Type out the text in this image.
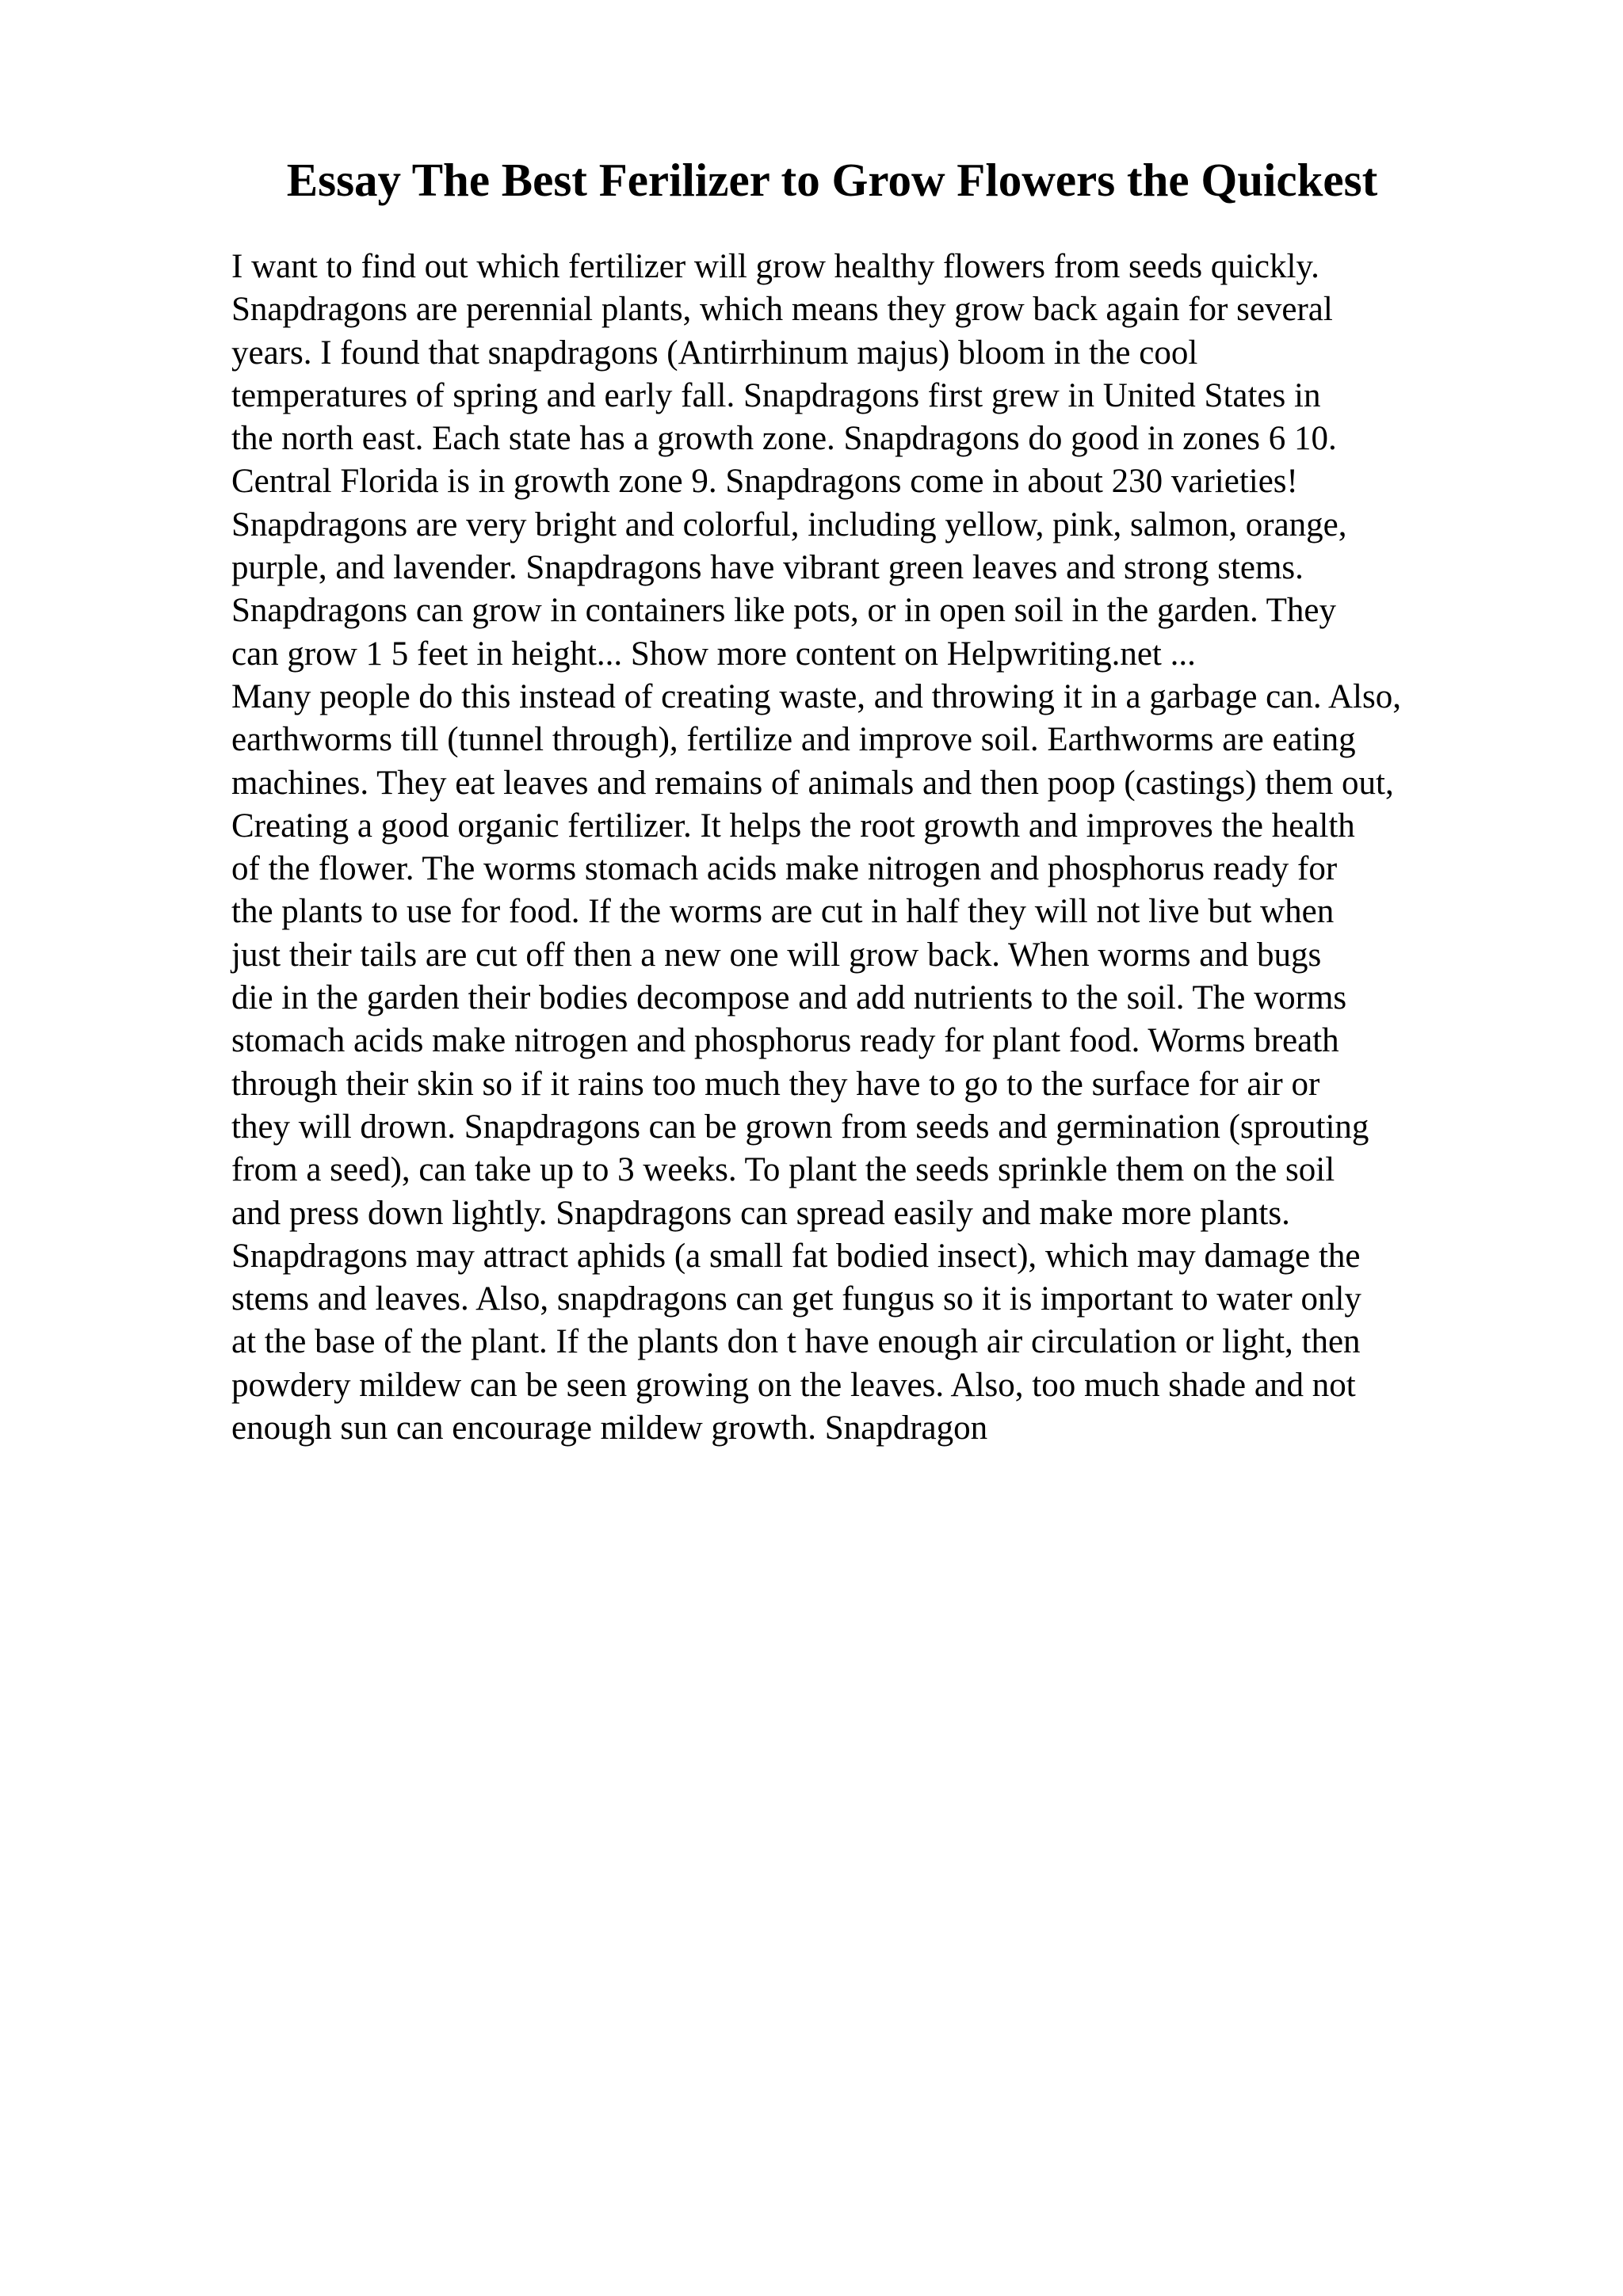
Essay The Best Ferilizer to Grow Flowers the Quickest
I want to find out which fertilizer will grow healthy flowers from seeds quickly.
Snapdragons are perennial plants, which means they grow back again for several
years. I found that snapdragons (Antirrhinum majus) bloom in the cool
temperatures of spring and early fall. Snapdragons first grew in United States in
the north east. Each state has a growth zone. Snapdragons do good in zones 6 10.
Central Florida is in growth zone 9. Snapdragons come in about 230 varieties!
Snapdragons are very bright and colorful, including yellow, pink, salmon, orange,
purple, and lavender. Snapdragons have vibrant green leaves and strong stems.
Snapdragons can grow in containers like pots, or in open soil in the garden. They
can grow 1 5 feet in height... Show more content on Helpwriting.net ...
Many people do this instead of creating waste, and throwing it in a garbage can. Also,
earthworms till (tunnel through), fertilize and improve soil. Earthworms are eating
machines. They eat leaves and remains of animals and then poop (castings) them out,
Creating a good organic fertilizer. It helps the root growth and improves the health
of the flower. The worms stomach acids make nitrogen and phosphorus ready for
the plants to use for food. If the worms are cut in half they will not live but when
just their tails are cut off then a new one will grow back. When worms and bugs
die in the garden their bodies decompose and add nutrients to the soil. The worms
stomach acids make nitrogen and phosphorus ready for plant food. Worms breath
through their skin so if it rains too much they have to go to the surface for air or
they will drown. Snapdragons can be grown from seeds and germination (sprouting
from a seed), can take up to 3 weeks. To plant the seeds sprinkle them on the soil
and press down lightly. Snapdragons can spread easily and make more plants.
Snapdragons may attract aphids (a small fat bodied insect), which may damage the
stems and leaves. Also, snapdragons can get fungus so it is important to water only
at the base of the plant. If the plants don t have enough air circulation or light, then
powdery mildew can be seen growing on the leaves. Also, too much shade and not
enough sun can encourage mildew growth. Snapdragon
